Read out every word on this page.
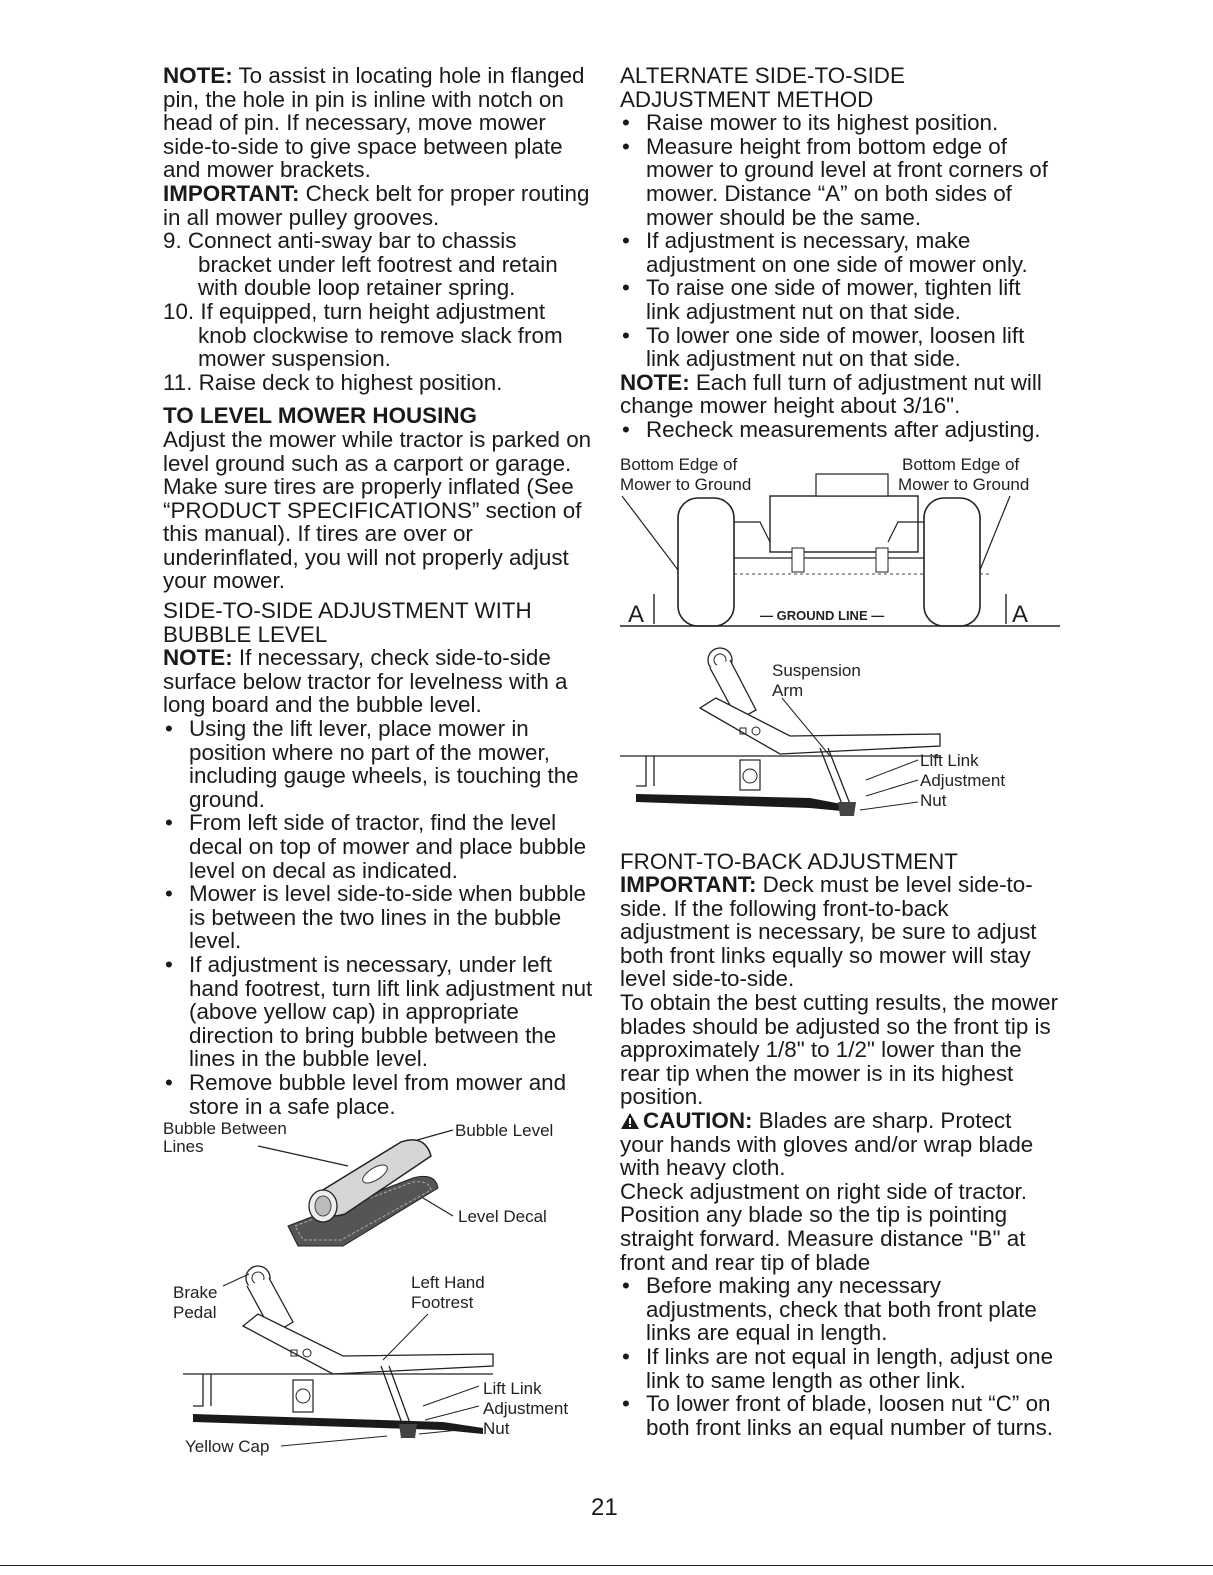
NOTE: To assist in locating hole in flanged pin, the hole in pin is inline with notch on head of pin. If necessary, move mower side-to-side to give space between plate and mower brackets.

IMPORTANT: Check belt for proper routing in all mower pulley grooves.

9. Connect anti-sway bar to chassis bracket under left footrest and retain with double loop retainer spring.

10. If equipped, turn height adjustment knob clockwise to remove slack from mower suspension.

11. Raise deck to highest position.

TO LEVEL MOWER HOUSING

Adjust the mower while tractor is parked on level ground such as a carport or garage. Make sure tires are properly inflated (See “PRODUCT SPECIFICATIONS” section of this manual). If tires are over or underinflated, you will not properly adjust your mower.

SIDE-TO-SIDE ADJUSTMENT WITH BUBBLE LEVEL

NOTE: If necessary, check side-to-side surface below tractor for levelness with a long board and the bubble level.

• Using the lift lever, place mower in position where no part of the mower, including gauge wheels, is touching the ground.

• From left side of tractor, find the level decal on top of mower and place bubble level on decal as indicated.

• Mower is level side-to-side when bubble is between the two lines in the bubble level.

• If adjustment is necessary, under left hand footrest, turn lift link adjustment nut (above yellow cap) in appropriate direction to bring bubble between the lines in the bubble level.

• Remove bubble level from mower and store in a safe place.

Bubble Between
Lines
Bubble Level
Level Decal
Brake
Pedal
Left Hand
Footrest
Lift Link
Adjustment
Nut
Yellow Cap

ALTERNATE SIDE-TO-SIDE ADJUSTMENT METHOD

• Raise mower to its highest position.

• Measure height from bottom edge of mower to ground level at front corners of mower. Distance “A” on both sides of mower should be the same.

• If adjustment is necessary, make adjustment on one side of mower only.

• To raise one side of mower, tighten lift link adjustment nut on that side.

• To lower one side of mower, loosen lift link adjustment nut on that side.

NOTE: Each full turn of adjustment nut will change mower height about 3/16".

• Recheck measurements after adjusting.

Bottom Edge of
Mower to Ground
Bottom Edge of
Mower to Ground
— GROUND LINE —
A	A
Suspension
Arm
Lift Link
Adjustment
Nut

FRONT-TO-BACK ADJUSTMENT

IMPORTANT: Deck must be level side-to-side. If the following front-to-back adjustment is necessary, be sure to adjust both front links equally so mower will stay level side-to-side.

To obtain the best cutting results, the mower blades should be adjusted so the front tip is approximately 1/8" to 1/2" lower than the rear tip when the mower is in its highest position.

CAUTION: Blades are sharp. Protect your hands with gloves and/or wrap blade with heavy cloth.

Check adjustment on right side of tractor. Position any blade so the tip is pointing straight forward. Measure distance "B" at front and rear tip of blade

• Before making any necessary adjustments, check that both front plate links are equal in length.

• If links are not equal in length, adjust one link to same length as other link.

• To lower front of blade, loosen nut “C” on both front links an equal number of turns.

21
